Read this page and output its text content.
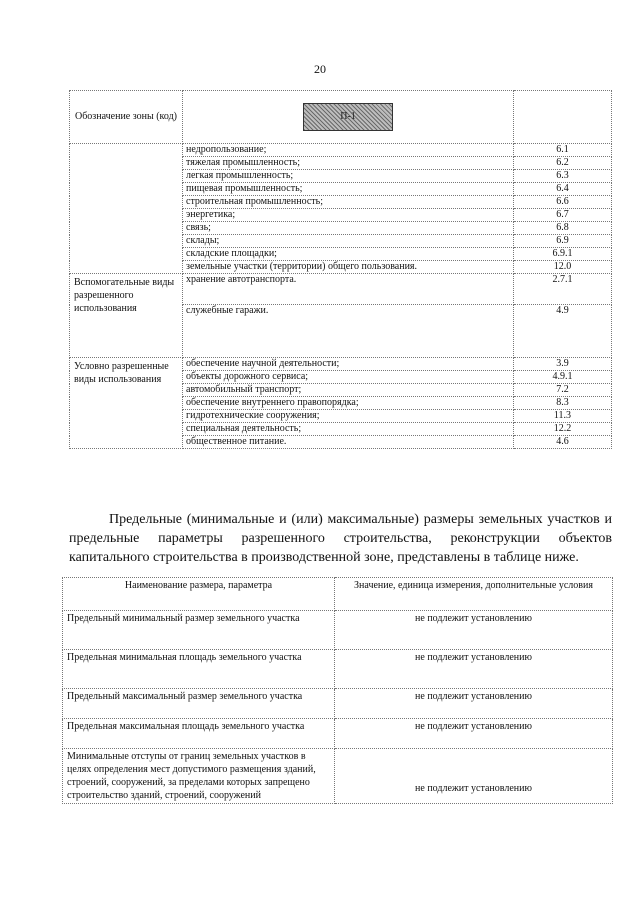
20
Обозначение зоны (код)	П-1	

	недропользование;	6.1
	тяжелая промышленность;	6.2
	легкая промышленность;	6.3
	пищевая промышленность;	6.4
	строительная промышленность;	6.6
	энергетика;	6.7
	связь;	6.8
	склады;	6.9
	складские площадки;	6.9.1
	земельные участки (территории) общего пользования.	12.0
Вспомогательные виды разрешенного использования	хранение автотранспорта.	2.7.1
	служебные гаражи.	4.9
Условно разрешенные виды использования	обеспечение научной деятельности;	3.9
	объекты дорожного сервиса;	4.9.1
	автомобильный транспорт;	7.2
	обеспечение внутреннего правопорядка;	8.3
	гидротехнические сооружения;	11.3
	специальная деятельность;	12.2
	общественное питание.	4.6

Предельные (минимальные и (или) максимальные) размеры земельных участков и предельные параметры разрешенного строительства, реконструкции объектов капитального строительства в производственной зоне, представлены в таблице ниже.

Наименование размера, параметра	Значение, единица измерения, дополнительные условия
Предельный минимальный размер земельного участка	не подлежит установлению
Предельная минимальная площадь земельного участка	не подлежит установлению
Предельный максимальный размер земельного участка	не подлежит установлению
Предельная максимальная площадь земельного участка	не подлежит установлению
Минимальные отступы от границ земельных участков в целях определения мест допустимого размещения зданий, строений, сооружений, за пределами которых запрещено строительство зданий, строений, сооружений	не подлежит установлению
